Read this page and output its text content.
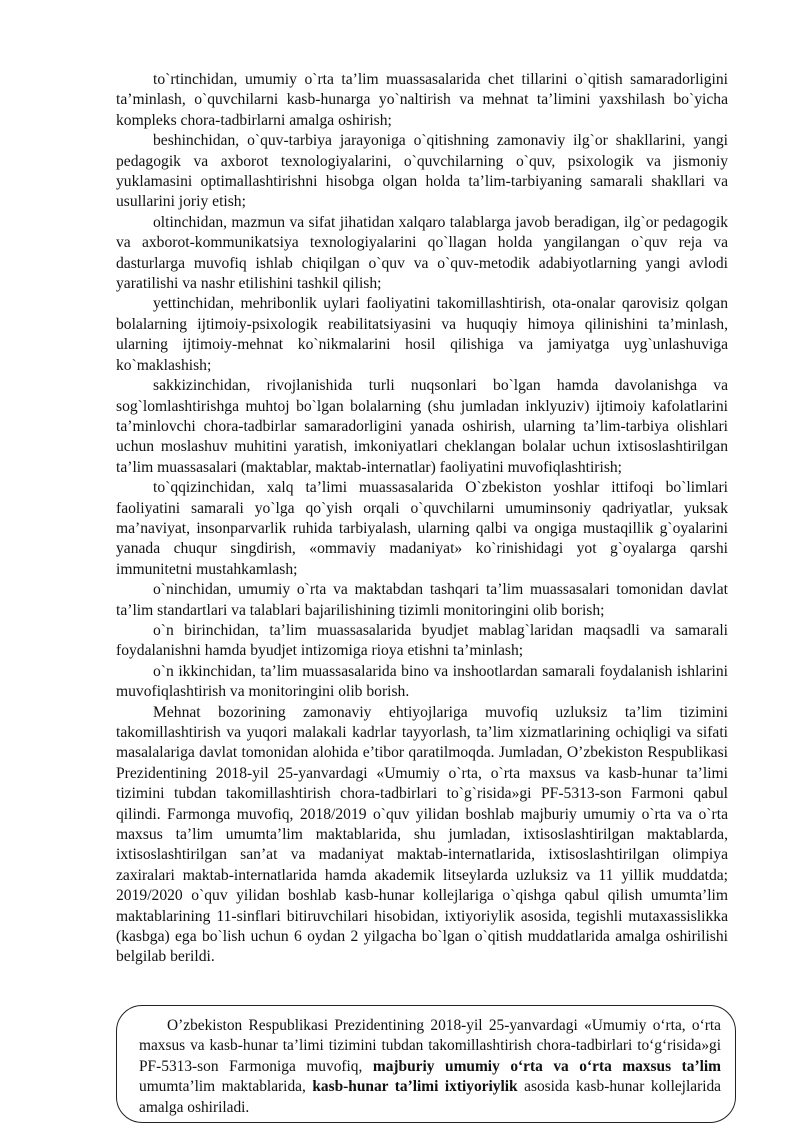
to`rtinchidan, umumiy o`rta ta’lim muassasalarida chet tillarini o`qitish samaradorligini ta’minlash, o`quvchilarni kasb-hunarga yo`naltirish va mehnat ta’limini yaxshilash bo`yicha kompleks chora-tadbirlarni amalga oshirish;

beshinchidan, o`quv-tarbiya jarayoniga o`qitishning zamonaviy ilg`or shakllarini, yangi pedagogik va axborot texnologiyalarini, o`quvchilarning o`quv, psixologik va jismoniy yuklamasini optimallashtirishni hisobga olgan holda ta’lim-tarbiyaning samarali shakllari va usullarini joriy etish;

oltinchidan, mazmun va sifat jihatidan xalqaro talablarga javob beradigan, ilg`or pedagogik va axborot-kommunikatsiya texnologiyalarini qo`llagan holda yangilangan o`quv reja va dasturlarga muvofiq ishlab chiqilgan o`quv va o`quv-metodik adabiyotlarning yangi avlodi yaratilishi va nashr etilishini tashkil qilish;

yettinchidan, mehribonlik uylari faoliyatini takomillashtirish, ota-onalar qarovisiz qolgan bolalarning ijtimoiy-psixologik reabilitatsiyasini va huquqiy himoya qilinishini ta’minlash, ularning ijtimoiy-mehnat ko`nikmalarini hosil qilishiga va jamiyatga uyg`unlashuviga ko`maklashish;

sakkizinchidan, rivojlanishida turli nuqsonlari bo`lgan hamda davolanishga va sog`lomlashtirishga muhtoj bo`lgan bolalarning (shu jumladan inklyuziv) ijtimoiy kafolatlarini ta’minlovchi chora-tadbirlar samaradorligini yanada oshirish, ularning ta’lim-tarbiya olishlari uchun moslashuv muhitini yaratish, imkoniyatlari cheklangan bolalar uchun ixtisoslashtirilgan ta’lim muassasalari (maktablar, maktab-internatlar) faoliyatini muvofiqlashtirish;

to`qqizinchidan, xalq ta’limi muassasalarida O`zbekiston yoshlar ittifoqi bo`limlari faoliyatini samarali yo`lga qo`yish orqali o`quvchilarni umuminsoniy qadriyatlar, yuksak ma’naviyat, insonparvarlik ruhida tarbiyalash, ularning qalbi va ongiga mustaqillik g`oyalarini yanada chuqur singdirish, «ommaviy madaniyat» ko`rinishidagi yot g`oyalarga qarshi immunitetni mustahkamlash;

o`ninchidan, umumiy o`rta va maktabdan tashqari ta’lim muassasalari tomonidan davlat ta’lim standartlari va talablari bajarilishining tizimli monitoringini olib borish;

o`n birinchidan, ta’lim muassasalarida byudjet mablag`laridan maqsadli va samarali foydalanishni hamda byudjet intizomiga rioya etishni ta’minlash;

o`n ikkinchidan, ta’lim muassasalarida bino va inshootlardan samarali foydalanish ishlarini muvofiqlashtirish va monitoringini olib borish.

Mehnat bozorining zamonaviy ehtiyojlariga muvofiq uzluksiz ta’lim tizimini takomillashtirish va yuqori malakali kadrlar tayyorlash, ta’lim xizmatlarining ochiqligi va sifati masalalariga davlat tomonidan alohida e’tibor qaratilmoqda. Jumladan, O’zbekiston Respublikasi Prezidentining 2018-yil 25-yanvardagi «Umumiy o`rta, o`rta maxsus va kasb-hunar ta’limi tizimini tubdan takomillashtirish chora-tadbirlari to`g`risida»gi PF-5313-son Farmoni qabul qilindi. Farmonga muvofiq, 2018/2019 o`quv yilidan boshlab majburiy umumiy o`rta va o`rta maxsus ta’lim umumta’lim maktablarida, shu jumladan, ixtisoslashtirilgan maktablarda, ixtisoslashtirilgan san’at va madaniyat maktab-internatlarida, ixtisoslashtirilgan olimpiya zaxiralari maktab-internatlarida hamda akademik litseylarda uzluksiz va 11 yillik muddatda; 2019/2020 o`quv yilidan boshlab kasb-hunar kollejlariga o`qishga qabul qilish umumta’lim maktablarining 11-sinflari bitiruvchilari hisobidan, ixtiyoriylik asosida, tegishli mutaxassislikka (kasbga) ega bo`lish uchun 6 oydan 2 yilgacha bo`lgan o`qitish muddatlarida amalga oshirilishi belgilab berildi.

O’zbekiston Respublikasi Prezidentining 2018-yil 25-yanvardagi «Umumiy o‘rta, o‘rta maxsus va kasb-hunar ta’limi tizimini tubdan takomillashtirish chora-tadbirlari to‘g‘risida»gi PF-5313-son Farmoniga muvofiq, majburiy umumiy o‘rta va o‘rta maxsus ta’lim umumta’lim maktablarida, kasb-hunar ta’limi ixtiyoriylik asosida kasb-hunar kollejlarida amalga oshiriladi.
